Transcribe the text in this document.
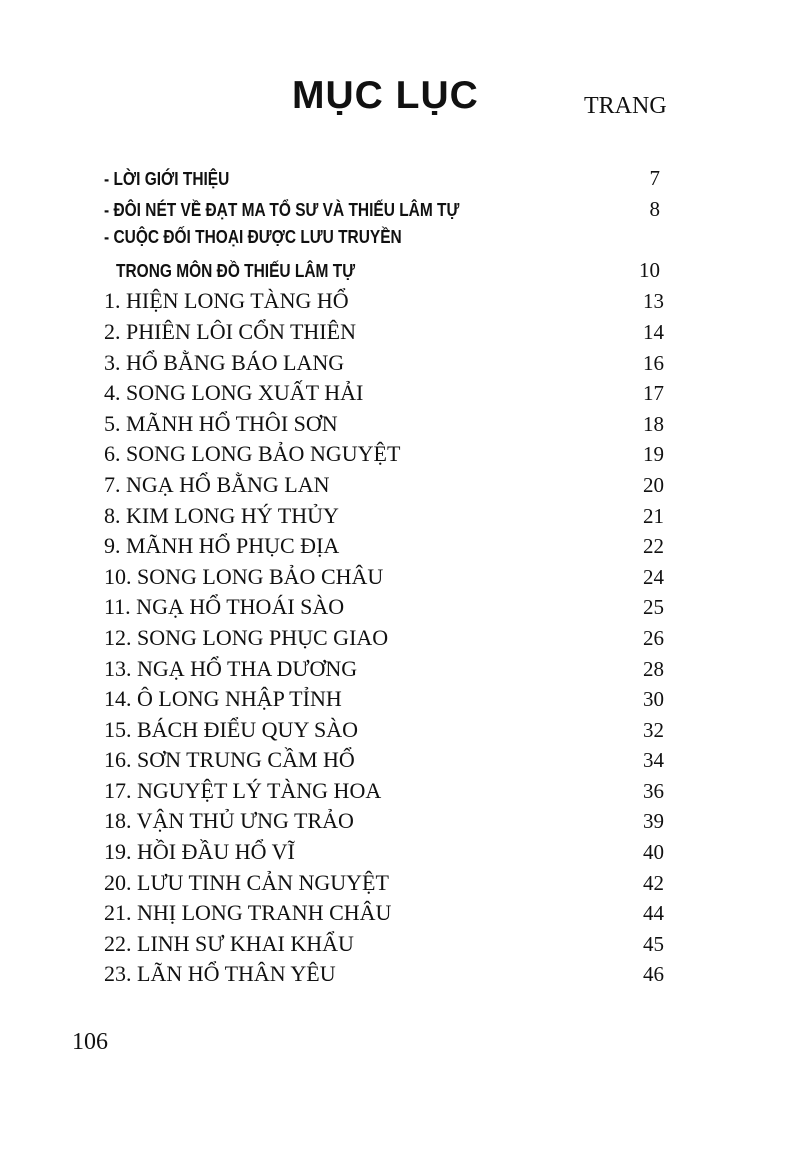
MỤC LỤC	TRANG
- LỜI GIỚI THIỆU	7
- ĐÔI NÉT VỀ ĐẠT MA TỔ SƯ VÀ THIẾU LÂM TỰ	8
- CUỘC ĐỐI THOẠI ĐƯỢC LƯU TRUYỀN
TRONG MÔN ĐỒ THIẾU LÂM TỰ	10
1. HIỆN LONG TÀNG HỔ	13
2. PHIÊN LÔI CỔN THIÊN	14
3. HỔ BẰNG BÁO LANG	16
4. SONG LONG XUẤT HẢI	17
5. MÃNH HỔ THÔI SƠN	18
6. SONG LONG BẢO NGUYỆT	19
7. NGẠ HỔ BẰNG LAN	20
8. KIM LONG HÝ THỦY	21
9. MÃNH HỔ PHỤC ĐỊA	22
10. SONG LONG BẢO CHÂU	24
11. NGẠ HỔ THOÁI SÀO	25
12. SONG LONG PHỤC GIAO	26
13. NGẠ HỔ THA DƯƠNG	28
14. Ô LONG NHẬP TỈNH	30
15. BÁCH ĐIỂU QUY SÀO	32
16. SƠN TRUNG CẦM HỔ	34
17. NGUYỆT LÝ TÀNG HOA	36
18. VẬN THỦ ƯNG TRẢO	39
19. HỒI ĐẦU HỔ VĨ	40
20. LƯU TINH CẢN NGUYỆT	42
21. NHỊ LONG TRANH CHÂU	44
22. LINH SƯ KHAI KHẨU	45
23. LÃN HỔ THÂN YÊU	46
106
